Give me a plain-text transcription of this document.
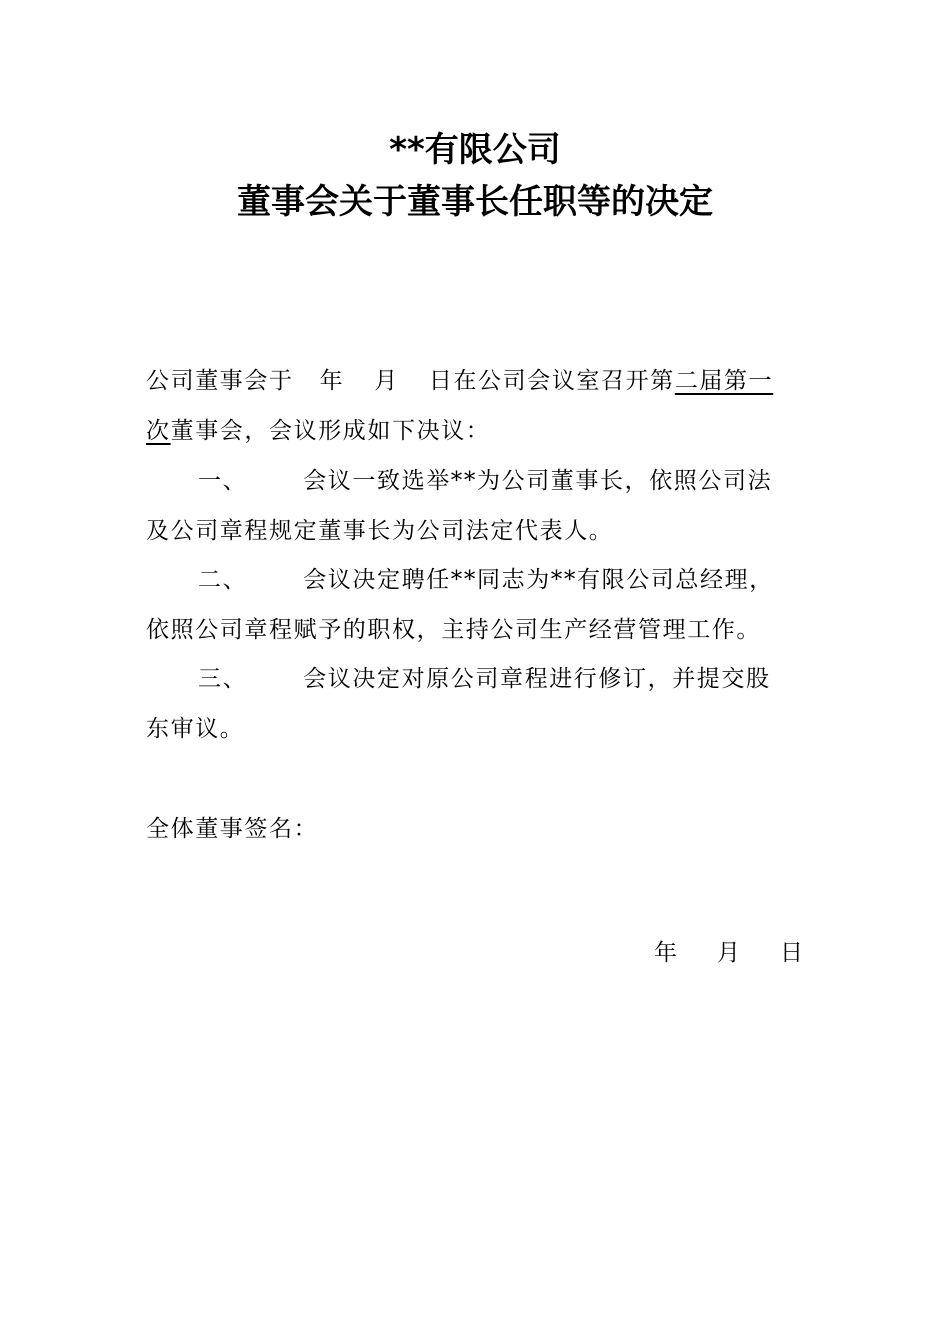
**有限公司
董事会关于董事长任职等的决定
公司董事会于 年 月 日在公司会议室召开第二届第一
次董事会，会议形成如下决议：
一、 会议一致选举**为公司董事长，依照公司法
及公司章程规定董事长为公司法定代表人。
二、 会议决定聘任**同志为**有限公司总经理，
依照公司章程赋予的职权，主持公司生产经营管理工作。
三、 会议决定对原公司章程进行修订，并提交股
东审议。
全体董事签名：
年 月 日
